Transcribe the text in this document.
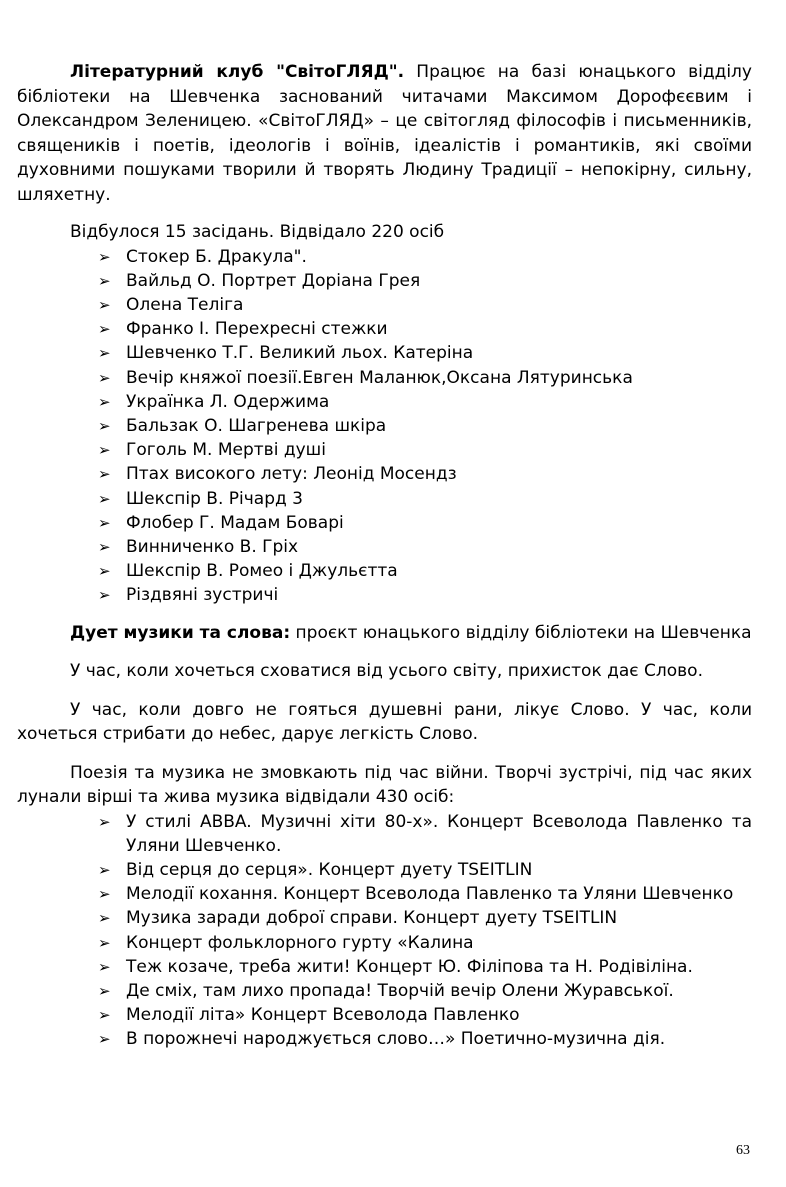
Літературний клуб "СвітоГЛЯД". Працює на базі юнацького відділу бібліотеки на Шевченка заснований читачами Максимом Дорофєєвим і Олександром Зеленицею. «СвітоГЛЯД» – це світогляд філософів і письменників, священиків і поетів, ідеологів і воїнів, ідеалістів і романтиків, які своїми духовними пошуками творили й творять Людину Традиції – непокірну, сильну, шляхетну.

Відбулося 15 засідань. Відвідало 220 осіб

➢ Стокер Б. Дракула".
➢ Вайльд О. Портрет Доріана Грея
➢ Олена Теліга
➢ Франко І. Перехресні стежки
➢ Шевченко Т.Г. Великий льох. Катеріна
➢ Вечір княжої поезії.Евген Маланюк,Оксана Лятуринська
➢ Українка Л. Одержима
➢ Бальзак О. Шагренева шкіра
➢ Гоголь М. Мертві душі
➢ Птах високого лету: Леонід Мосендз
➢ Шекспір В. Річард 3
➢ Флобер Г. Мадам Боварі
➢ Винниченко В. Гріх
➢ Шекспір В. Ромео і Джульєтта
➢ Різдвяні зустричі

Дует музики та слова: проєкт юнацького відділу бібліотеки на Шевченка

У час, коли хочеться сховатися від усього світу, прихисток дає Слово.

У час, коли довго не гояться душевні рани, лікує Слово. У час, коли хочеться стрибати до небес, дарує легкість Слово.

Поезія та музика не змовкають під час війни. Творчі зустрічі, під час яких лунали вірші та жива музика відвідали 430 осіб:

➢ У стилі ABBA. Музичні хіти 80-х». Концерт Всеволода Павленко та Уляни Шевченко.
➢ Від серця до серця». Концерт дуету TSEITLIN
➢ Мелодії кохання. Концерт Всеволода Павленко та Уляни Шевченко
➢ Музика заради доброї справи. Концерт дуету TSEITLIN
➢ Концерт фольклорного гурту «Калина
➢ Теж козаче, треба жити! Концерт Ю. Філіпова та Н. Родівіліна.
➢ Де сміх, там лихо пропада! Творчій вечір Олени Журавської.
➢ Мелодії літа» Концерт Всеволода Павленко
➢ В порожнечі народжується слово…» Поетично-музична дія.
63
